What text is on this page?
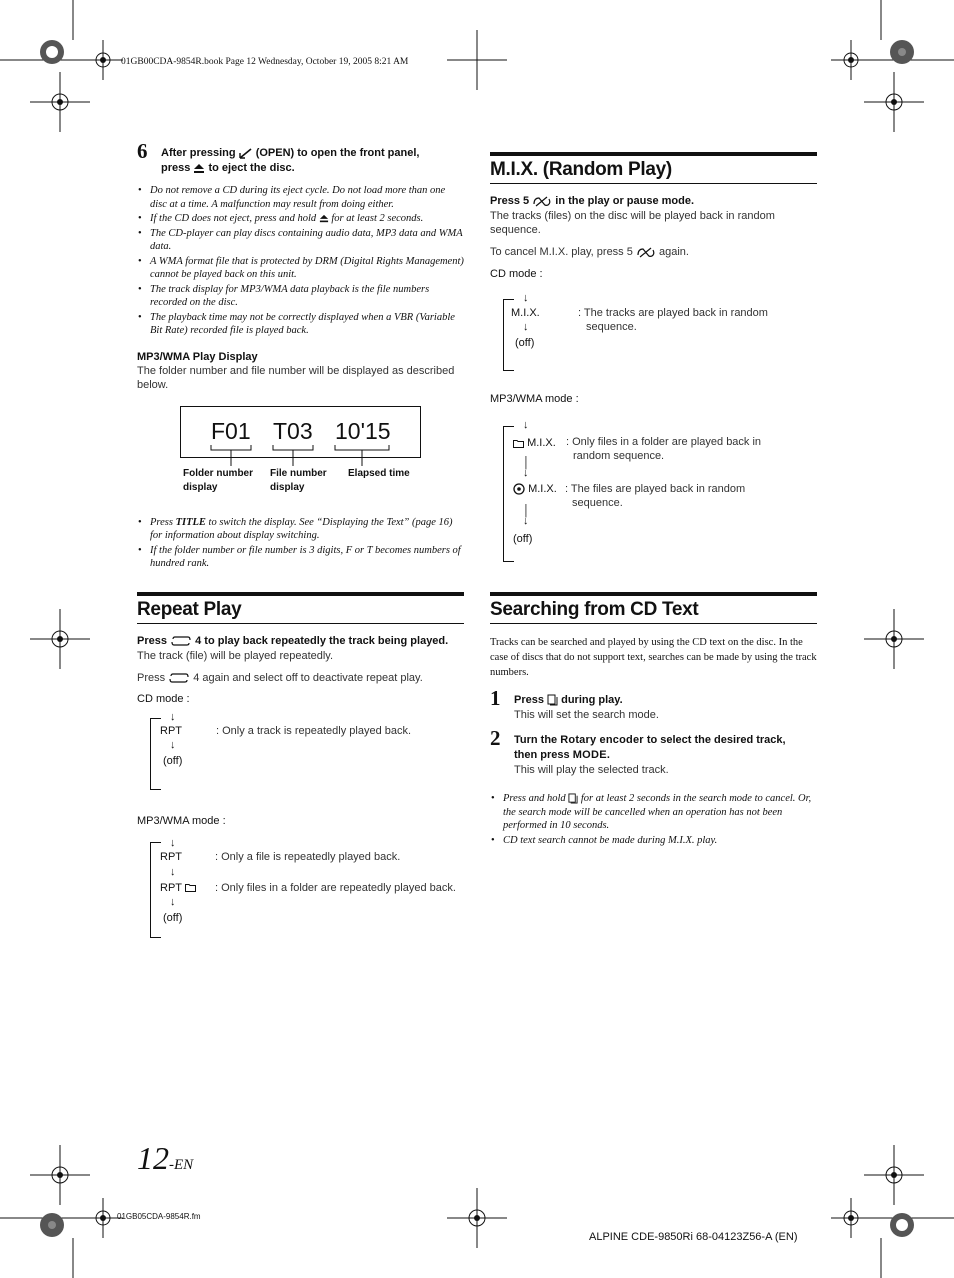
01GB00CDA-9854R.book Page 12 Wednesday, October 19, 2005 8:21 AM
6 After pressing (OPEN) to open the front panel,
press to eject the disc.
• Do not remove a CD during its eject cycle. Do not load more than one disc at a time. A malfunction may result from doing either.
• If the CD does not eject, press and hold for at least 2 seconds.
• The CD-player can play discs containing audio data, MP3 data and WMA data.
• A WMA format file that is protected by DRM (Digital Rights Management) cannot be played back on this unit.
• The track display for MP3/WMA data playback is the file numbers recorded on the disc.
• The playback time may not be correctly displayed when a VBR (Variable Bit Rate) recorded file is played back.
MP3/WMA Play Display
The folder number and file number will be displayed as described below.
F01 T03 10'15
Folder number display
File number display
Elapsed time
• Press TITLE to switch the display. See “Displaying the Text” (page 16) for information about display switching.
• If the folder number or file number is 3 digits, F or T becomes numbers of hundred rank.
Repeat Play
Press	4 to play back repeatedly the track being played.
The track (file) will be played repeatedly.
Press	4 again and select off to deactivate repeat play.
CD mode :
↓
RPT
↓
(off)
: Only a track is repeatedly played back.
MP3/WMA mode :
↓
RPT
↓
RPT
↓
(off)
: Only a file is repeatedly played back.
: Only files in a folder are repeatedly played back.
M.I.X. (Random Play)
Press 5 in the play or pause mode.
The tracks (files) on the disc will be played back in random sequence.
To cancel M.I.X. play, press 5 again.
CD mode :
↓
M.I.X.
↓
(off)
: The tracks are played back in random sequence.
MP3/WMA mode :
↓
M.I.X. : Only files in a folder are played back in random sequence.
│
↓
M.I.X. : The files are played back in random sequence.
│
↓
(off)
Searching from CD Text
Tracks can be searched and played by using the CD text on the disc. In the case of discs that do not support text, searches can be made by using the track numbers.
1 Press during play.
This will set the search mode.
2 Turn the Rotary encoder to select the desired track, then press MODE.
This will play the selected track.
• Press and hold for at least 2 seconds in the search mode to cancel. Or, the search mode will be cancelled when an operation has not been performed in 10 seconds.
• CD text search cannot be made during M.I.X. play.
12-EN
01GB05CDA-9854R.fm
ALPINE CDE-9850Ri 68-04123Z56-A (EN)
